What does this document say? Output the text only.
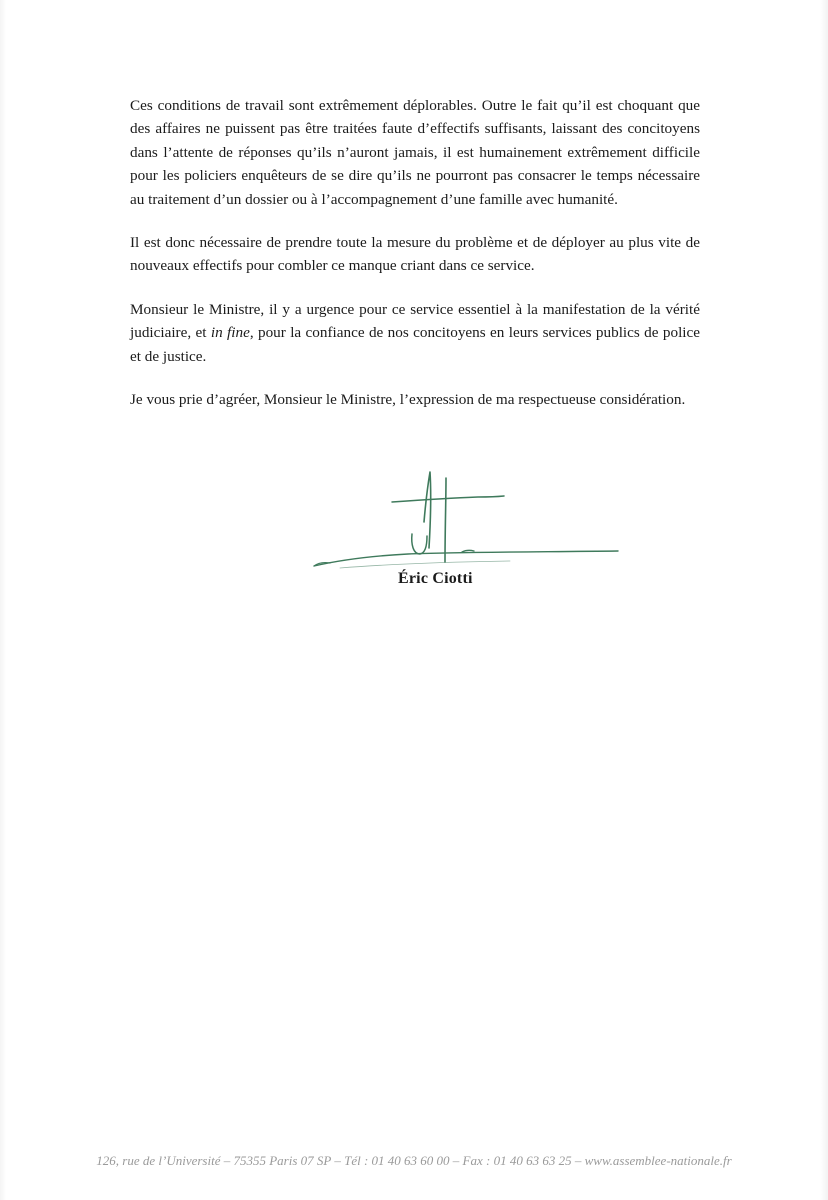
Ces conditions de travail sont extrêmement déplorables. Outre le fait qu’il est choquant que des affaires ne puissent pas être traitées faute d’effectifs suffisants, laissant des concitoyens dans l’attente de réponses qu’ils n’auront jamais, il est humainement extrêmement difficile pour les policiers enquêteurs de se dire qu’ils ne pourront pas consacrer le temps nécessaire au traitement d’un dossier ou à l’accompagnement d’une famille avec humanité.

Il est donc nécessaire de prendre toute la mesure du problème et de déployer au plus vite de nouveaux effectifs pour combler ce manque criant dans ce service.

Monsieur le Ministre, il y a urgence pour ce service essentiel à la manifestation de la vérité judiciaire, et in fine, pour la confiance de nos concitoyens en leurs services publics de police et de justice.

Je vous prie d’agréer, Monsieur le Ministre, l’expression de ma respectueuse considération.

Éric Ciotti
126, rue de l’Université – 75355 Paris 07 SP – Tél : 01 40 63 60 00 – Fax : 01 40 63 63 25 – www.assemblee-nationale.fr
